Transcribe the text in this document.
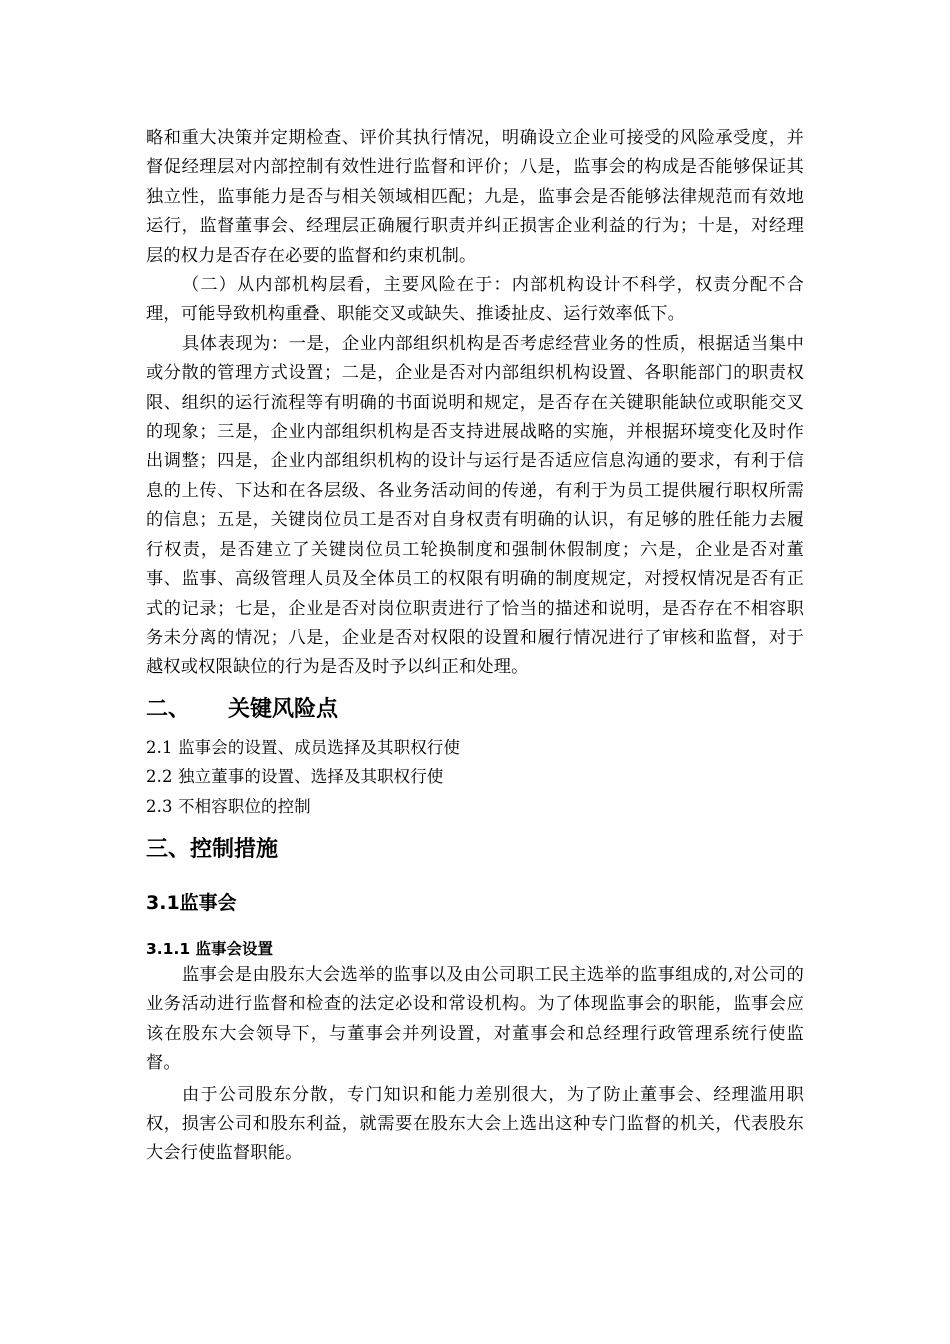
略和重大决策并定期检查、评价其执行情况，明确设立企业可接受的风险承受度，并督促经理层对内部控制有效性进行监督和评价；八是，监事会的构成是否能够保证其独立性，监事能力是否与相关领域相匹配；九是，监事会是否能够法律规范而有效地运行，监督董事会、经理层正确履行职责并纠正损害企业利益的行为；十是，对经理层的权力是否存在必要的监督和约束机制。

（二）从内部机构层看，主要风险在于：内部机构设计不科学，权责分配不合理，可能导致机构重叠、职能交叉或缺失、推诿扯皮、运行效率低下。

具体表现为：一是，企业内部组织机构是否考虑经营业务的性质，根据适当集中或分散的管理方式设置；二是，企业是否对内部组织机构设置、各职能部门的职责权限、组织的运行流程等有明确的书面说明和规定，是否存在关键职能缺位或职能交叉的现象；三是，企业内部组织机构是否支持进展战略的实施，并根据环境变化及时作出调整；四是，企业内部组织机构的设计与运行是否适应信息沟通的要求，有利于信息的上传、下达和在各层级、各业务活动间的传递，有利于为员工提供履行职权所需的信息；五是，关键岗位员工是否对自身权责有明确的认识，有足够的胜任能力去履行权责，是否建立了关键岗位员工轮换制度和强制休假制度；六是，企业是否对董事、监事、高级管理人员及全体员工的权限有明确的制度规定，对授权情况是否有正式的记录；七是，企业是否对岗位职责进行了恰当的描述和说明，是否存在不相容职务未分离的情况；八是，企业是否对权限的设置和履行情况进行了审核和监督，对于越权或权限缺位的行为是否及时予以纠正和处理。

二、 关键风险点

2.1 监事会的设置、成员选择及其职权行使

2.2 独立董事的设置、选择及其职权行使

2.3 不相容职位的控制

三、控制措施
3.1监事会
3.1.1 监事会设置

监事会是由股东大会选举的监事以及由公司职工民主选举的监事组成的,对公司的业务活动进行监督和检查的法定必设和常设机构。为了体现监事会的职能，监事会应该在股东大会领导下，与董事会并列设置，对董事会和总经理行政管理系统行使监督。

由于公司股东分散，专门知识和能力差别很大，为了防止董事会、经理滥用职权，损害公司和股东利益，就需要在股东大会上选出这种专门监督的机关，代表股东大会行使监督职能。
